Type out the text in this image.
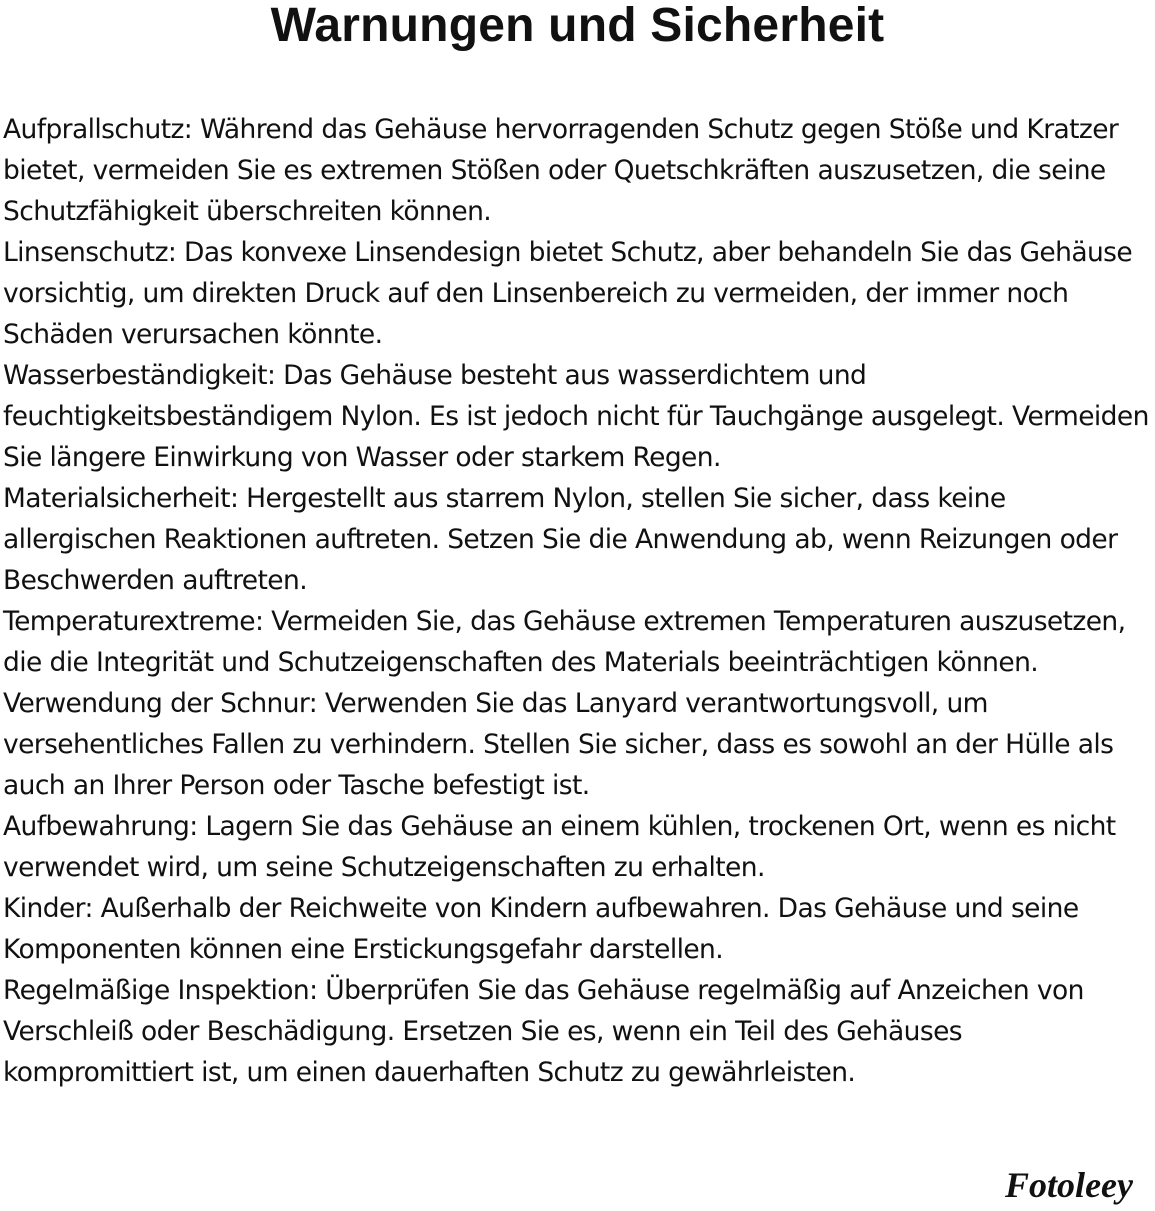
Warnungen und Sicherheit

Aufprallschutz: Während das Gehäuse hervorragenden Schutz gegen Stöße und Kratzer bietet, vermeiden Sie es extremen Stößen oder Quetschkräften auszusetzen, die seine Schutzfähigkeit überschreiten können.

Linsenschutz: Das konvexe Linsendesign bietet Schutz, aber behandeln Sie das Gehäuse vorsichtig, um direkten Druck auf den Linsenbereich zu vermeiden, der immer noch Schäden verursachen könnte.

Wasserbeständigkeit: Das Gehäuse besteht aus wasserdichtem und feuchtigkeitsbeständigem Nylon. Es ist jedoch nicht für Tauchgänge ausgelegt. Vermeiden Sie längere Einwirkung von Wasser oder starkem Regen.

Materialsicherheit: Hergestellt aus starrem Nylon, stellen Sie sicher, dass keine allergischen Reaktionen auftreten. Setzen Sie die Anwendung ab, wenn Reizungen oder Beschwerden auftreten.

Temperaturextreme: Vermeiden Sie, das Gehäuse extremen Temperaturen auszusetzen, die die Integrität und Schutzeigenschaften des Materials beeinträchtigen können.

Verwendung der Schnur: Verwenden Sie das Lanyard verantwortungsvoll, um versehentliches Fallen zu verhindern. Stellen Sie sicher, dass es sowohl an der Hülle als auch an Ihrer Person oder Tasche befestigt ist.

Aufbewahrung: Lagern Sie das Gehäuse an einem kühlen, trockenen Ort, wenn es nicht verwendet wird, um seine Schutzeigenschaften zu erhalten.

Kinder: Außerhalb der Reichweite von Kindern aufbewahren. Das Gehäuse und seine Komponenten können eine Erstickungsgefahr darstellen.

Regelmäßige Inspektion: Überprüfen Sie das Gehäuse regelmäßig auf Anzeichen von Verschleiß oder Beschädigung. Ersetzen Sie es, wenn ein Teil des Gehäuses kompromittiert ist, um einen dauerhaften Schutz zu gewährleisten.

Fotoleey
